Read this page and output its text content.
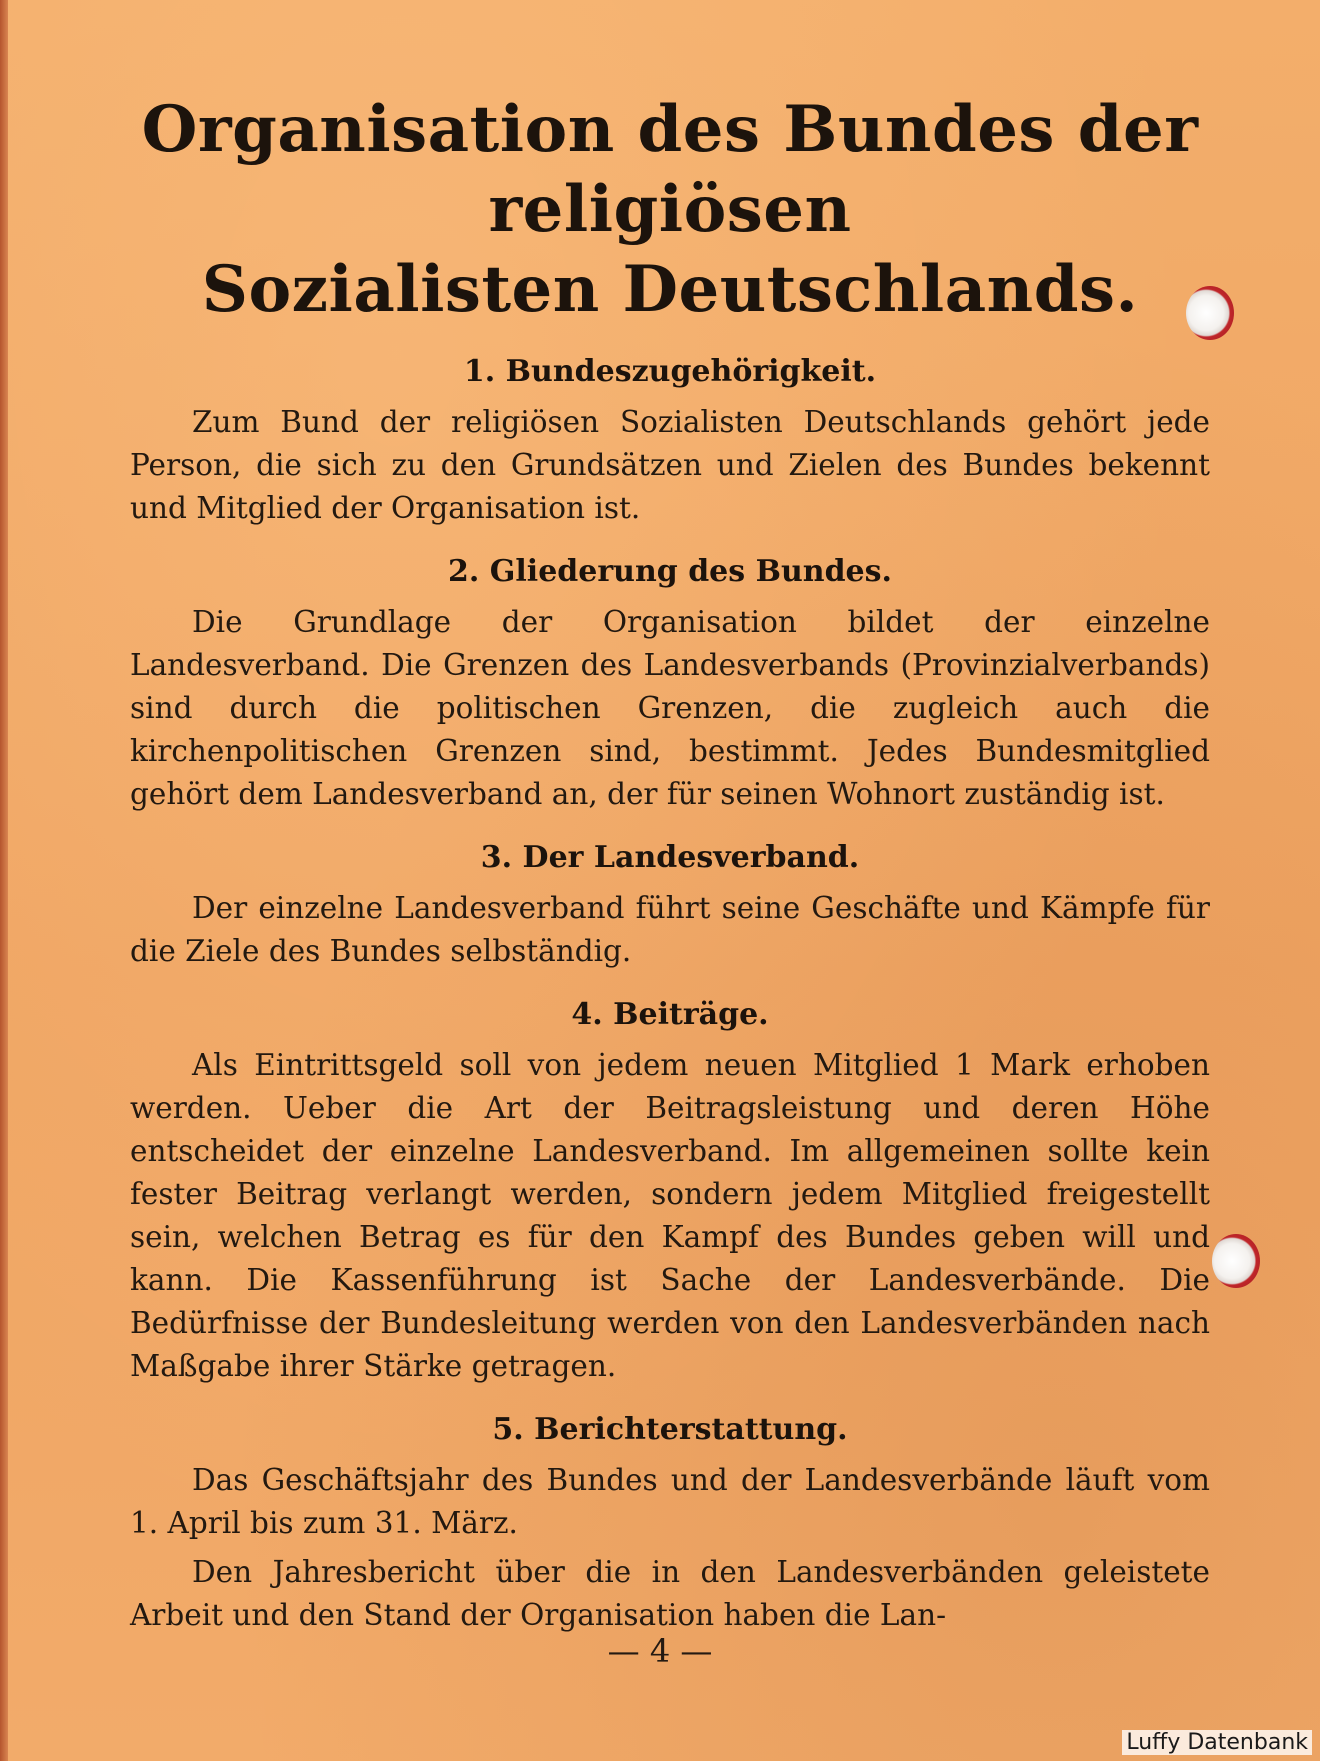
Organisation des Bundes der religiösen
Sozialisten Deutschlands.
1. Bundeszugehörigkeit.

Zum Bund der religiösen Sozialisten Deutschlands gehört jede Person, die sich zu den Grundsätzen und Zielen des Bundes bekennt und Mitglied der Organisation ist.

2. Gliederung des Bundes.

Die Grundlage der Organisation bildet der einzelne Landesverband. Die Grenzen des Landesverbands (Provinzialverbands) sind durch die politischen Grenzen, die zugleich auch die kirchenpolitischen Grenzen sind, bestimmt. Jedes Bundesmitglied gehört dem Landesverband an, der für seinen Wohnort zuständig ist.

3. Der Landesverband.

Der einzelne Landesverband führt seine Geschäfte und Kämpfe für die Ziele des Bundes selbständig.

4. Beiträge.

Als Eintrittsgeld soll von jedem neuen Mitglied 1 Mark erhoben werden. Ueber die Art der Beitragsleistung und deren Höhe entscheidet der einzelne Landesverband. Im allgemeinen sollte kein fester Beitrag verlangt werden, sondern jedem Mitglied freigestellt sein, welchen Betrag es für den Kampf des Bundes geben will und kann. Die Kassenführung ist Sache der Landesverbände. Die Bedürfnisse der Bundesleitung werden von den Landesverbänden nach Maßgabe ihrer Stärke getragen.

5. Berichterstattung.

Das Geschäftsjahr des Bundes und der Landesverbände läuft vom 1. April bis zum 31. März.

Den Jahresbericht über die in den Landesverbänden geleistete Arbeit und den Stand der Organisation haben die Lan-

— 4 —
Luffy Datenbank
